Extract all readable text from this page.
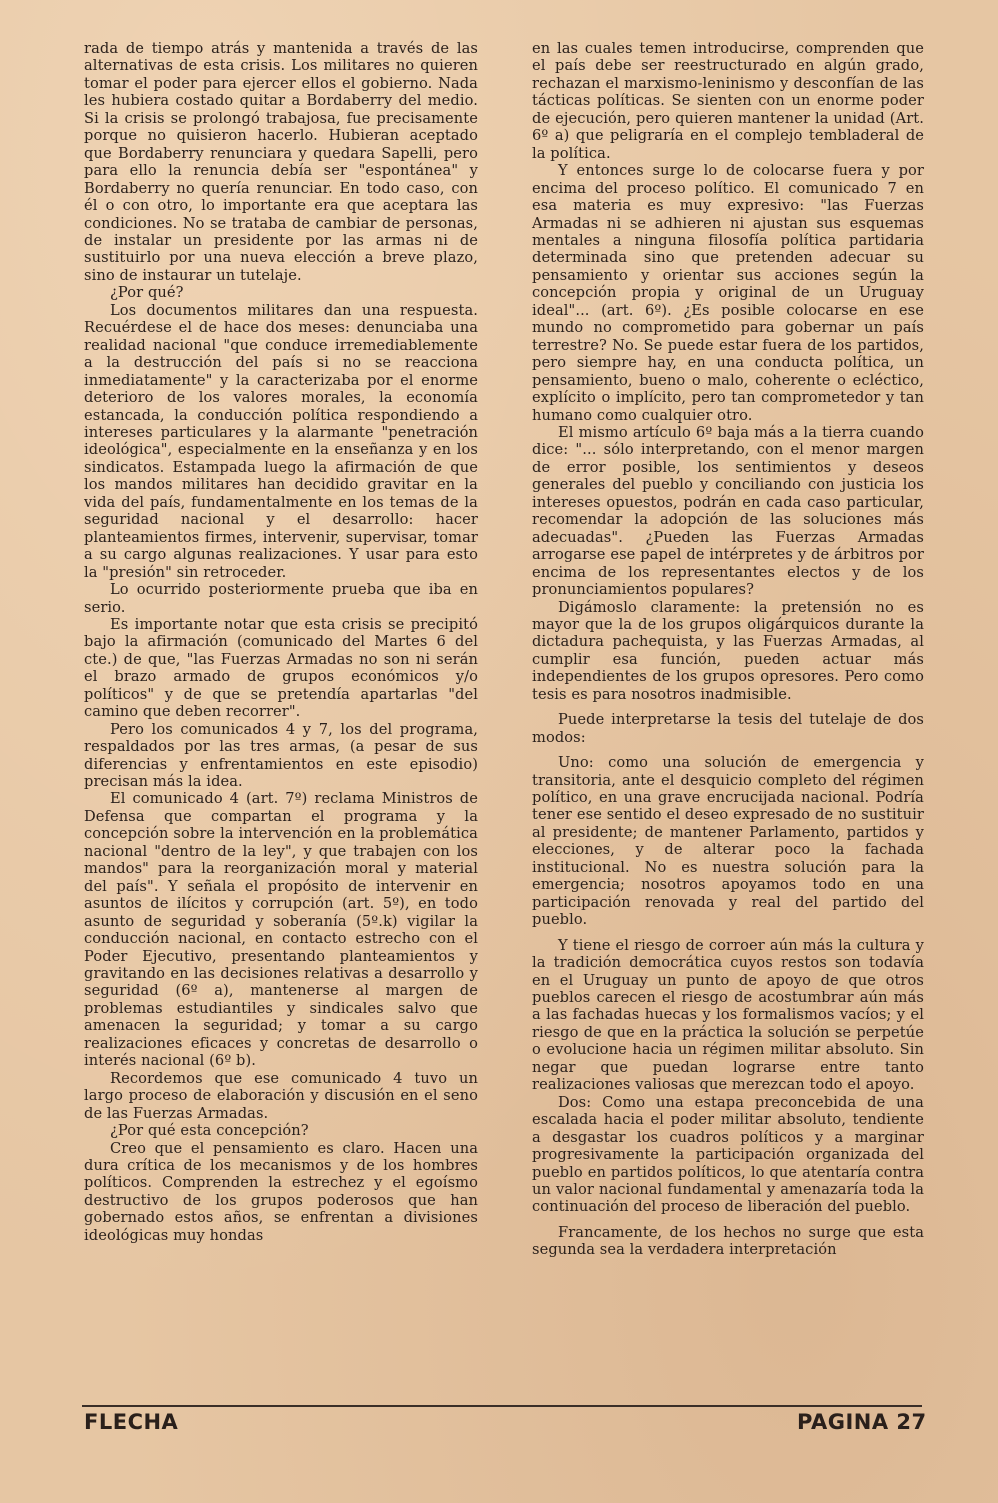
rada de tiempo atrás y mantenida a través de las alternativas de esta crisis. Los militares no quieren tomar el poder para ejercer ellos el gobierno. Nada les hubiera costado quitar a Bordaberry del medio. Si la crisis se prolongó trabajosa, fue precisamente porque no quisieron hacerlo. Hubieran aceptado que Bordaberry renunciara y quedara Sapelli, pero para ello la renuncia debía ser "espontánea" y Bordaberry no quería renunciar. En todo caso, con él o con otro, lo importante era que aceptara las condiciones. No se trataba de cambiar de personas, de instalar un presidente por las armas ni de sustituirlo por una nueva elección a breve plazo, sino de instaurar un tutelaje.

¿Por qué?

Los documentos militares dan una respuesta. Recuérdese el de hace dos meses: denunciaba una realidad nacional "que conduce irremediablemente a la destrucción del país si no se reacciona inmediatamente" y la caracterizaba por el enorme deterioro de los valores morales, la economía estancada, la conducción política respondiendo a intereses particulares y la alarmante "penetración ideológica", especialmente en la enseñanza y en los sindicatos. Estampada luego la afirmación de que los mandos militares han decidido gravitar en la vida del país, fundamentalmente en los temas de la seguridad nacional y el desarrollo: hacer planteamientos firmes, intervenir, supervisar, tomar a su cargo algunas realizaciones. Y usar para esto la "presión" sin retroceder.

Lo ocurrido posteriormente prueba que iba en serio.

Es importante notar que esta crisis se precipitó bajo la afirmación (comunicado del Martes 6 del cte.) de que, "las Fuerzas Armadas no son ni serán el brazo armado de grupos económicos y/o políticos" y de que se pretendía apartarlas "del camino que deben recorrer".

Pero los comunicados 4 y 7, los del programa, respaldados por las tres armas, (a pesar de sus diferencias y enfrentamientos en este episodio) precisan más la idea.

El comunicado 4 (art. 7º) reclama Ministros de Defensa que compartan el programa y la concepción sobre la intervención en la problemática nacional "dentro de la ley", y que trabajen con los mandos" para la reorganización moral y material del país". Y señala el propósito de intervenir en asuntos de ilícitos y corrupción (art. 5º), en todo asunto de seguridad y soberanía (5º.k) vigilar la conducción nacional, en contacto estrecho con el Poder Ejecutivo, presentando planteamientos y gravitando en las decisiones relativas a desarrollo y seguridad (6º a), mantenerse al margen de problemas estudiantiles y sindicales salvo que amenacen la seguridad; y tomar a su cargo realizaciones eficaces y concretas de desarrollo o interés nacional (6º b).

Recordemos que ese comunicado 4 tuvo un largo proceso de elaboración y discusión en el seno de las Fuerzas Armadas.

¿Por qué esta concepción?

Creo que el pensamiento es claro. Hacen una dura crítica de los mecanismos y de los hombres políticos. Comprenden la estrechez y el egoísmo destructivo de los grupos poderosos que han gobernado estos años, se enfrentan a divisiones ideológicas muy hondas

en las cuales temen introducirse, comprenden que el país debe ser reestructurado en algún grado, rechazan el marxismo-leninismo y desconfían de las tácticas políticas. Se sienten con un enorme poder de ejecución, pero quieren mantener la unidad (Art. 6º a) que peligraría en el complejo tembladeral de la política.

Y entonces surge lo de colocarse fuera y por encima del proceso político. El comunicado 7 en esa materia es muy expresivo: "las Fuerzas Armadas ni se adhieren ni ajustan sus esquemas mentales a ninguna filosofía política partidaria determinada sino que pretenden adecuar su pensamiento y orientar sus acciones según la concepción propia y original de un Uruguay ideal"... (art. 6º). ¿Es posible colocarse en ese mundo no comprometido para gobernar un país terrestre? No. Se puede estar fuera de los partidos, pero siempre hay, en una conducta política, un pensamiento, bueno o malo, coherente o ecléctico, explícito o implícito, pero tan comprometedor y tan humano como cualquier otro.

El mismo artículo 6º baja más a la tierra cuando dice: "... sólo interpretando, con el menor margen de error posible, los sentimientos y deseos generales del pueblo y conciliando con justicia los intereses opuestos, podrán en cada caso particular, recomendar la adopción de las soluciones más adecuadas". ¿Pueden las Fuerzas Armadas arrogarse ese papel de intérpretes y de árbitros por encima de los representantes electos y de los pronunciamientos populares?

Digámoslo claramente: la pretensión no es mayor que la de los grupos oligárquicos durante la dictadura pachequista, y las Fuerzas Armadas, al cumplir esa función, pueden actuar más independientes de los grupos opresores. Pero como tesis es para nosotros inadmisible.

Puede interpretarse la tesis del tutelaje de dos modos:

Uno: como una solución de emergencia y transitoria, ante el desquicio completo del régimen político, en una grave encrucijada nacional. Podría tener ese sentido el deseo expresado de no sustituir al presidente; de mantener Parlamento, partidos y elecciones, y de alterar poco la fachada institucional. No es nuestra solución para la emergencia; nosotros apoyamos todo en una participación renovada y real del partido del pueblo.

Y tiene el riesgo de corroer aún más la cultura y la tradición democrática cuyos restos son todavía en el Uruguay un punto de apoyo de que otros pueblos carecen el riesgo de acostumbrar aún más a las fachadas huecas y los formalismos vacíos; y el riesgo de que en la práctica la solución se perpetúe o evolucione hacia un régimen militar absoluto. Sin negar que puedan lograrse entre tanto realizaciones valiosas que merezcan todo el apoyo.

Dos: Como una estapa preconcebida de una escalada hacia el poder militar absoluto, tendiente a desgastar los cuadros políticos y a marginar progresivamente la participación organizada del pueblo en partidos políticos, lo que atentaría contra un valor nacional fundamental y amenazaría toda la continuación del proceso de liberación del pueblo.

Francamente, de los hechos no surge que esta segunda sea la verdadera interpretación

FLECHA	PAGINA 27
